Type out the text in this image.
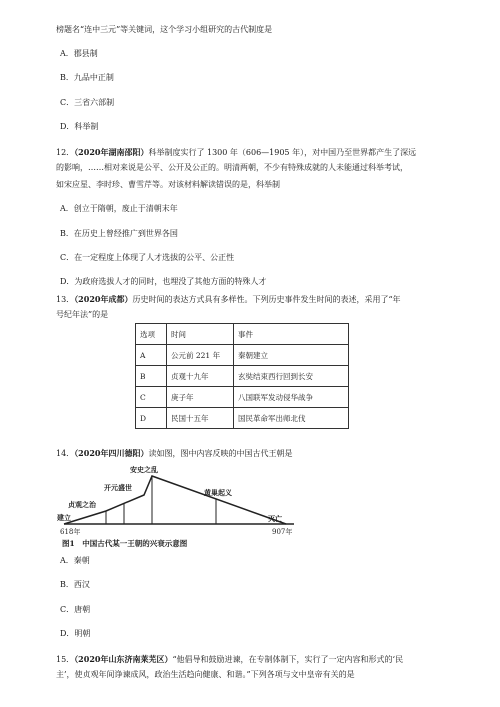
榜题名“连中三元”等关键词，这个学习小组研究的古代制度是
A．郡县制
B．九品中正制
C．三省六部制
D．科举制
12．（2020年湖南邵阳）科举制度实行了 1300 年（606—1905 年），对中国乃至世界都产生了深远
的影响，……相对来说是公平、公开及公正的。明清两朝，不少有特殊成就的人未能通过科举考试，
如宋应星、李时珍、曹雪芹等。对该材料解读错误的是，科举制
A．创立于隋朝，废止于清朝末年
B．在历史上曾经推广到世界各国
C．在一定程度上体现了人才选拔的公平、公正性
D．为政府选拔人才的同时，也埋没了其他方面的特殊人才
13．（2020年成都）历史时间的表达方式具有多样性。下列历史事件发生时间的表述，采用了“年
号纪年法”的是
选项	时间	事件
A	公元前 221 年	秦朝建立
B	贞观十九年	玄奘结束西行回到长安
C	庚子年	八国联军发动侵华战争
D	民国十五年	国民革命军出师北伐
14．（2020年四川德阳）读如图，图中内容反映的中国古代王朝是
建立
贞观之治
开元盛世
安史之乱
黄巢起义
灭亡
618年	907年
图1　中国古代某一王朝的兴衰示意图
A．秦朝
B．西汉
C．唐朝
D．明朝
15．（2020年山东济南莱芜区）“他倡导和鼓励进谏，在专制体制下，实行了一定内容和形式的‘民
主’，使贞观年间诤谏成风，政治生活趋向健康、和谐。”下列各项与文中皇帝有关的是
